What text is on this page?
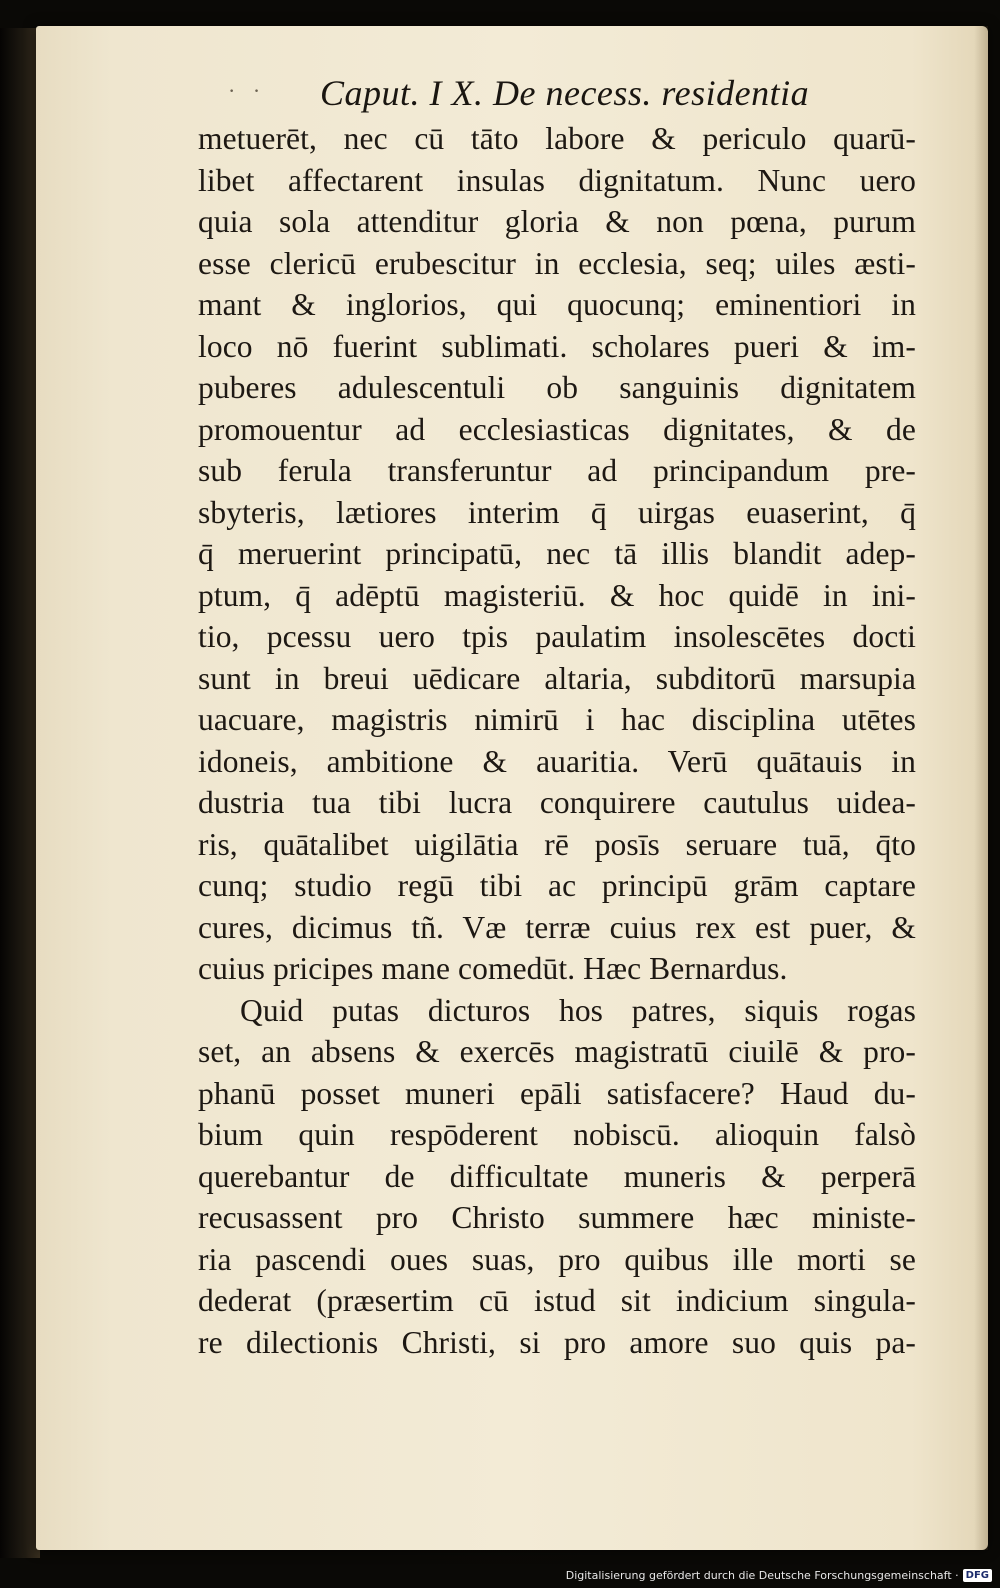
· · Caput. I X. De necess. residentia
metuerēt, nec cū tāto labore & periculo quarū-
libet affectarent insulas dignitatum. Nunc uero
quia sola attenditur gloria & non pœna, purum
esse clericū erubescitur in ecclesia, seq; uiles æsti-
mant & inglorios, qui quocunq; eminentiori in
loco nō fuerint sublimati. scholares pueri & im-
puberes adulescentuli ob sanguinis dignitatem
promouentur ad ecclesiasticas dignitates, & de
sub ferula transferuntur ad principandum pre-
sbyteris, lætiores interim q̄ uirgas euaserint, q̄
q̄ meruerint principatū, nec tā illis blandit adep-
ptum, q̄ adēptū magisteriū. & hoc quidē in ini-
tio, pcessu uero tpis paulatim insolescētes docti
sunt in breui uēdicare altaria, subditorū marsupia
uacuare, magistris nimirū i hac disciplina utētes
idoneis, ambitione & auaritia. Verū quātauis in
dustria tua tibi lucra conquirere cautulus uidea-
ris, quātalibet uigilātia rē posīs seruare tuā, q̄to
cunq; studio regū tibi ac principū grām captare
cures, dicimus tñ. Væ terræ cuius rex est puer, &
cuius pricipes mane comedūt. Hæc Bernardus.
Quid putas dicturos hos patres, siquis rogas
set, an absens & exercēs magistratū ciuilē & pro-
phanū posset muneri epāli satisfacere? Haud du-
bium quin respōderent nobiscū. alioquin falsò
querebantur de difficultate muneris & perperā
recusassent pro Christo summere hæc ministe-
ria pascendi oues suas, pro quibus ille morti se
dederat (præsertim cū istud sit indicium singula-
re dilectionis Christi, si pro amore suo quis pa-
Digitalisierung gefördert durch die Deutsche Forschungsgemeinschaft · DFG
